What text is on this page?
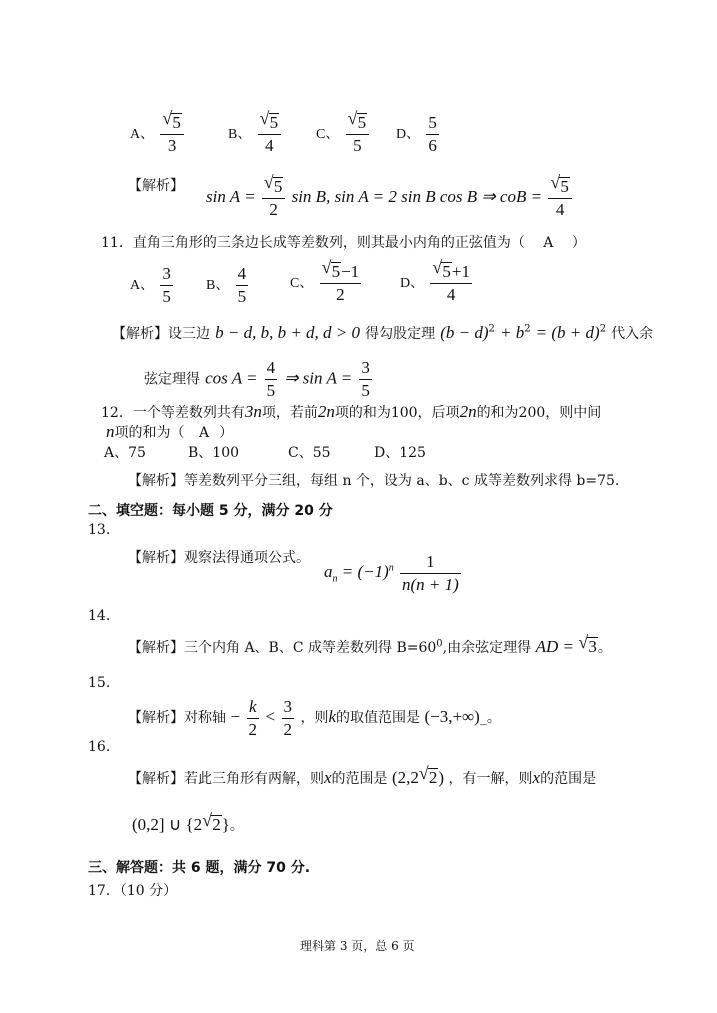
A、 $\frac{√ 5}{3}$	B、 $\frac{√ 5}{4}$ C、 $\frac{√ 5}{5}$ D、 $\frac{5}{6}$
【解析】
$\sin A = \frac{√ 5}{2}$ sin B, sin A = 2 sin B cos B ⇒ coB = $\frac{√ 5}{4}$
11．直角三角形的三条边长成等差数列，则其最小内角的正弦值为（ A ）
A、 $\frac{3}{5}$ B、 $\frac{4}{5}$	C、 $\frac{√ 5-1}{2}$	D、 $\frac{√ 5+1}{4}$
【解析】设三边 b − d, b, b + d, d > 0 得勾股定理 $(b - d)^2 + b^2 = (b + d)^2$ 代入余
弦定理得 $\cos A = \frac{4}{5}$ ⇒ $\sin A = \frac{3}{5}$
12．一个等差数列共有3n项，若前2n项的和为100，后项2n的和为200，则中间
n项的和为（ A ）
A、75	B、100	C、55	D、125
【解析】等差数列平分三组，每组 n 个，设为 a、b、c 成等差数列求得 b=75.
二、填空题：每小题 5 分，满分 20 分
13.
【解析】观察法得通项公式。
$a_n = (-1)^n \frac{1}{n(n + 1)}$
14.
【解析】三个内角 A、B、C 成等差数列得 $B=60^0$,由余弦定理得 AD = √ 3。
15.
【解析】对称轴 − $\frac{k}{2} < \frac{3}{2}$ ，则k的取值范围是 (−3,+∞)_。
16.
【解析】若此三角形有两解，则x的范围是 (2,2 √ 2) ，有一解，则x的范围是
(0,2] ∪ {2 √ 2}。
三、解答题：共 6 题，满分 70 分.
17．（10 分）
理科第 3 页，总 6 页
